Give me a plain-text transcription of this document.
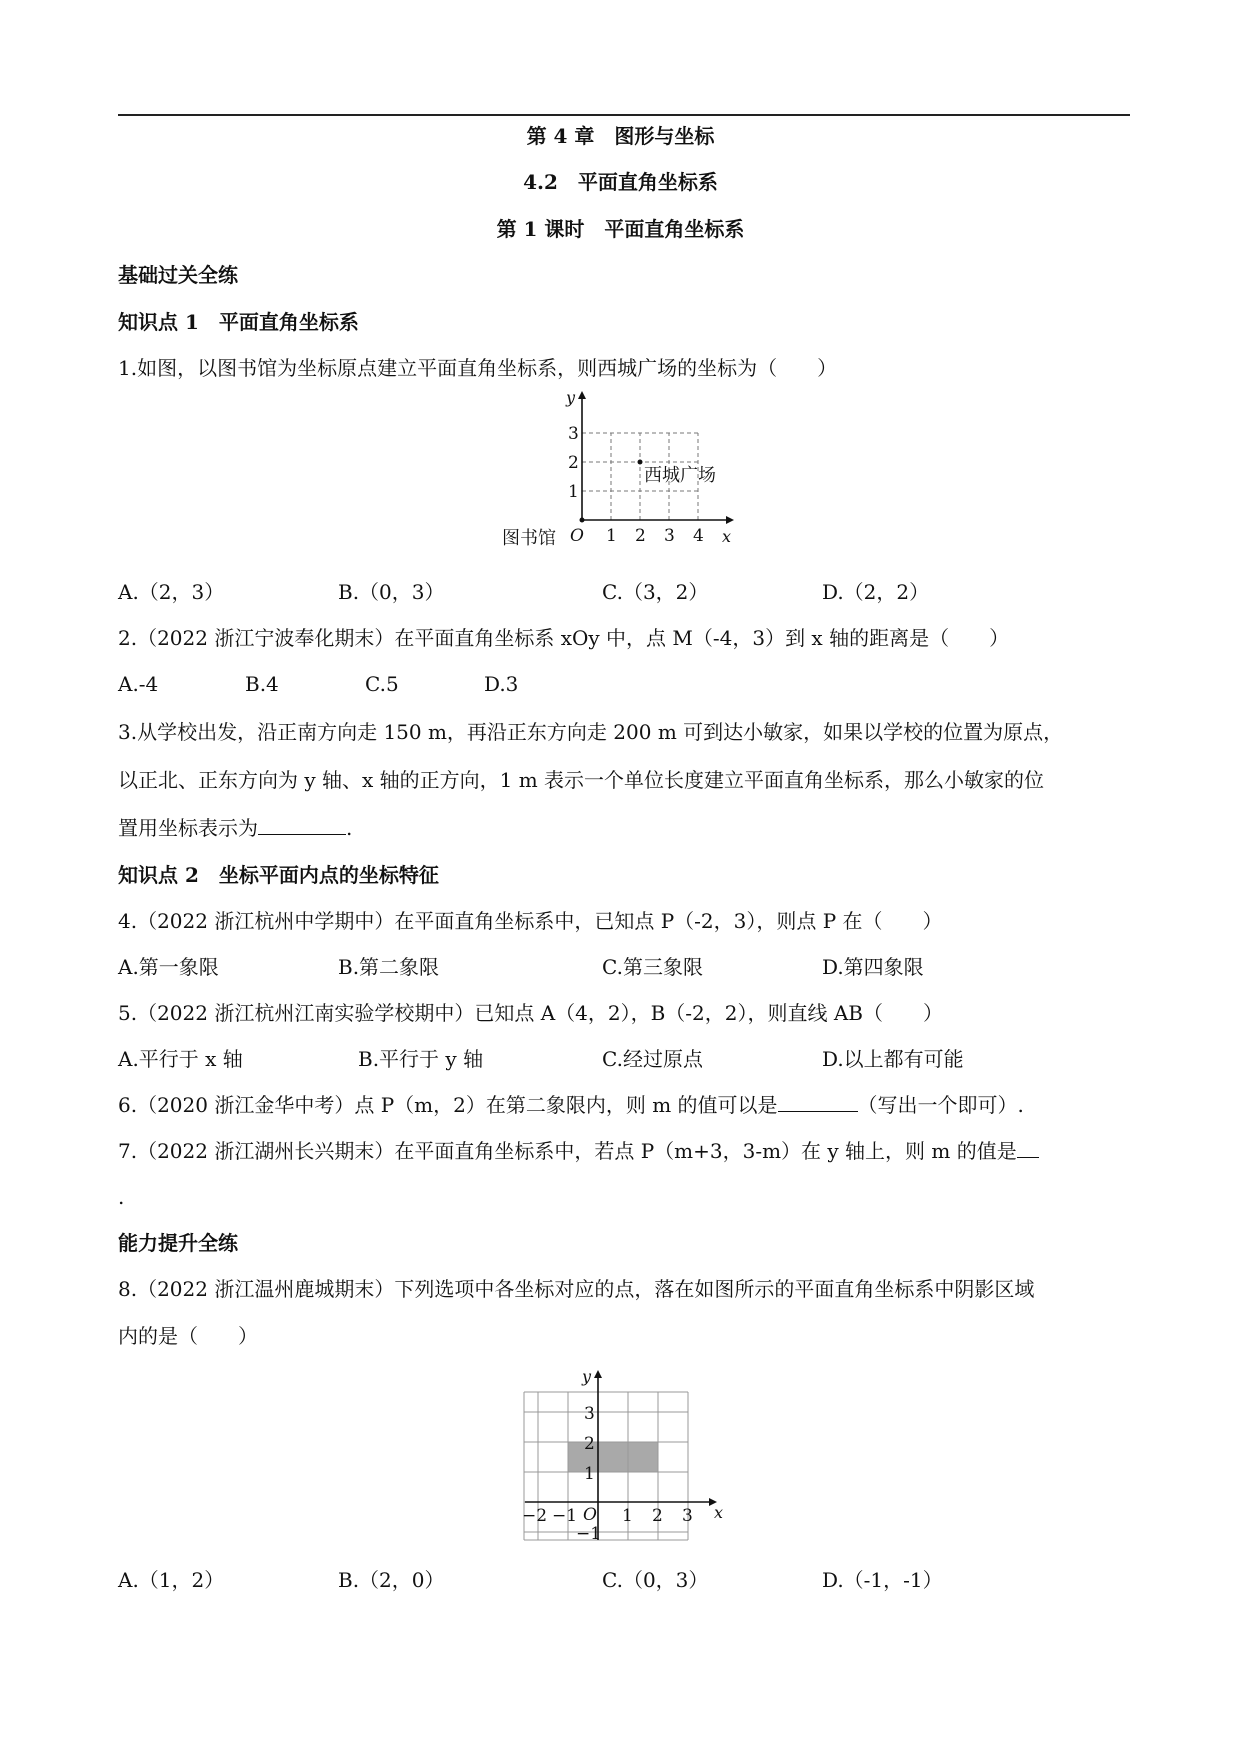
第 4 章　图形与坐标
4.2　平面直角坐标系
第 1 课时　平面直角坐标系
基础过关全练
知识点 1　平面直角坐标系
1.如图，以图书馆为坐标原点建立平面直角坐标系，则西城广场的坐标为（　　）
1 2 3 4
1
2
3
x
y
O
图书馆
西城广场
A.（2，3）	B.（0，3）	C.（3，2）	D.（2，2）
2.（2022 浙江宁波奉化期末）在平面直角坐标系 xOy 中，点 M（-4，3）到 x 轴的距离是（　　）
A.-4	B.4	C.5	D.3
3.从学校出发，沿正南方向走 150 m，再沿正东方向走 200 m 可到达小敏家，如果以学校的位置为原点，
以正北、正东方向为 y 轴、x 轴的正方向，1 m 表示一个单位长度建立平面直角坐标系，那么小敏家的位
置用坐标表示为	.
知识点 2　坐标平面内点的坐标特征
4.（2022 浙江杭州中学期中）在平面直角坐标系中，已知点 P（-2，3），则点 P 在（　　）
A.第一象限	B.第二象限	C.第三象限	D.第四象限
5.（2022 浙江杭州江南实验学校期中）已知点 A（4，2），B（-2，2），则直线 AB（　　）
A.平行于 x 轴	B.平行于 y 轴	C.经过原点	D.以上都有可能
6.（2020 浙江金华中考）点 P（m，2）在第二象限内，则 m 的值可以是	（写出一个即可）.
7.（2022 浙江湖州长兴期末）在平面直角坐标系中，若点 P（m+3，3-m）在 y 轴上，则 m 的值是
.
能力提升全练
8.（2022 浙江温州鹿城期末）下列选项中各坐标对应的点，落在如图所示的平面直角坐标系中阴影区域
内的是（　　）
−2 −1	1 2 3
−1
1
2
3
x
y
O
A.（1，2）	B.（2，0）	C.（0，3）	D.（-1，-1）
